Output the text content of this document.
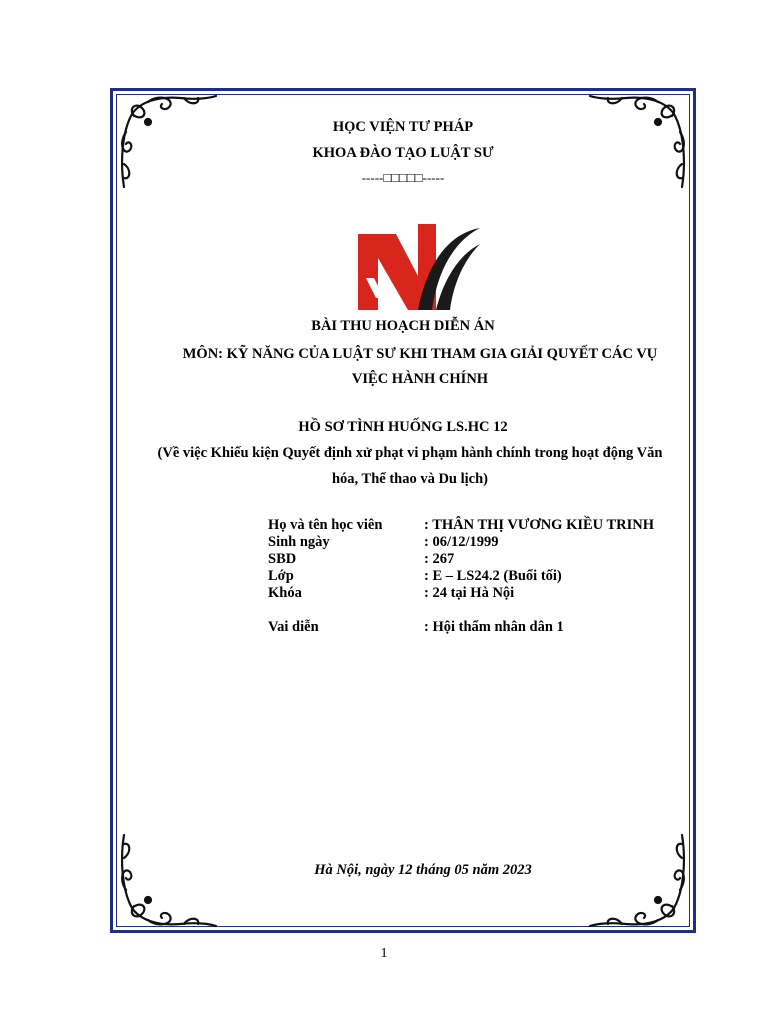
HỌC VIỆN TƯ PHÁP
KHOA ĐÀO TẠO LUẬT SƯ
-----□□□□□-----
BÀI THU HOẠCH DIỄN ÁN
MÔN: KỸ NĂNG CỦA LUẬT SƯ KHI THAM GIA GIẢI QUYẾT CÁC VỤ
VIỆC HÀNH CHÍNH
HỒ SƠ TÌNH HUỐNG LS.HC 12
(Về việc Khiếu kiện Quyết định xử phạt vi phạm hành chính trong hoạt động Văn
hóa, Thể thao và Du lịch)
Họ và tên học viên	: THÂN THỊ VƯƠNG KIỀU TRINH
Sinh ngày	: 06/12/1999
SBD	: 267
Lớp	: E – LS24.2 (Buổi tối)
Khóa	: 24 tại Hà Nội
Vai diễn	: Hội thẩm nhân dân 1
Hà Nội, ngày 12 tháng 05 năm 2023
1
